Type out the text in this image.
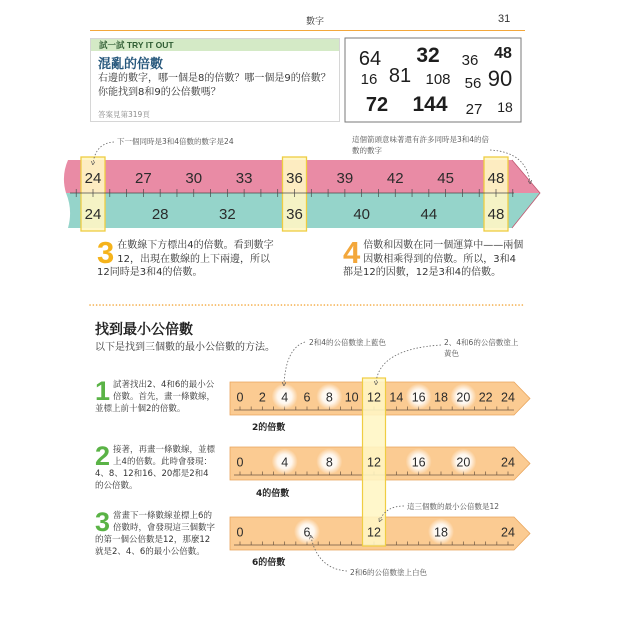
64 32 36 48
16 81 108 56 90
72 144 27 18
24 27 30 33 36 39 42 45 48
24	28	32	36	40	44	48
0 2 4 6 8 10 12 14 16 18 20 22 24
0	4	8	12 16 20 24
0	6	12	18	24
數字	31
試一試 TRY IT OUT
混亂的倍數
右邊的數字，哪一個是8的倍數？哪一個是9的倍數？你能找到8和9的公倍數嗎？
答案見第319頁
下一個同時是3和4倍數的數字是24	這個箭頭意味著還有許多同時是3和4的倍數的數字
3 在數線下方標出4的倍數。看到數字12，出現在數線的上下兩邊，所以12同時是3和4的倍數。
4 倍數和因數在同一個運算中——兩個因數相乘得到的倍數。所以，3和4都是12的因數，12是3和4的倍數。
找到最小公倍數
以下是找到三個數的最小公倍數的方法。	2和4的公倍數塗上藍色	2、4和6的公倍數塗上黃色
這三個數的最小公倍數是12
2和6的公倍數塗上白色
1 試著找出2、4和6的最小公倍數。首先，畫一條數線，並標上前十個2的倍數。
2 接著，再畫一條數線，並標上4的倍數。此時會發現：4、8、12和16、20都是2和4的公倍數。
3 當畫下一條數線並標上6的倍數時，會發現這三個數字的第一個公倍數是12，那麼12就是2、4、6的最小公倍數。
2的倍數
4的倍數
6的倍數
